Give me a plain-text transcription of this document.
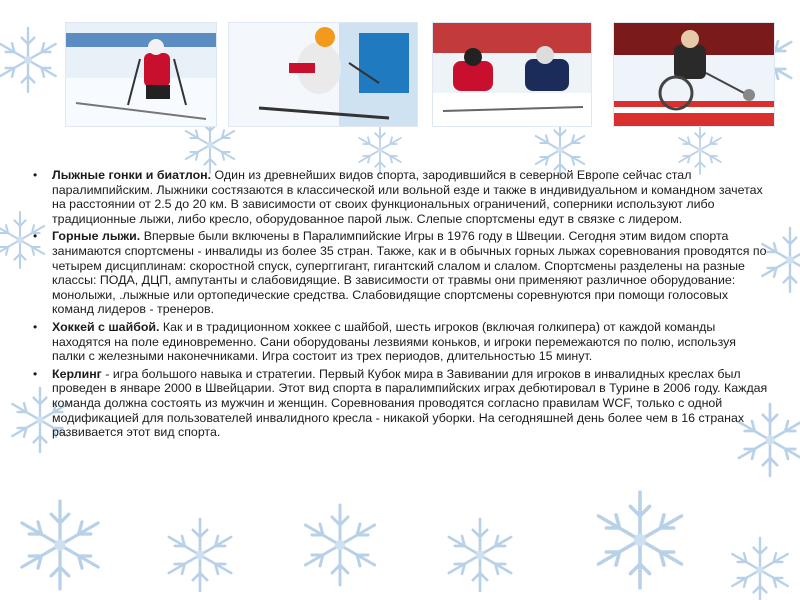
• Лыжные гонки и биатлон. Один из древнейших видов спорта, зародившийся в северной Европе сейчас стал паралимпийским. Лыжники состязаются в классической или вольной езде и также в индивидуальном и командном зачетах на расстоянии от 2.5 до 20 км. В зависимости от своих функциональных ограничений, соперники используют либо традиционные лыжи, либо кресло, оборудованное парой лыж. Слепые спортсмены едут в связке с лидером.
• Горные лыжи. Впервые были включены в Паралимпийские Игры в 1976 году в Швеции. Сегодня этим видом спорта занимаются спортсмены - инвалиды из более 35 стран. Также, как и в обычных горных лыжах соревнования проводятся по четырем дисциплинам: скоростной спуск, суперггигант, гигантский слалом и слалом. Спортсмены разделены на разные классы: ПОДА, ДЦП, ампутанты и слабовидящие. В зависимости от травмы они применяют различное оборудование: монолыжи, .лыжные или ортопедические средства. Слабовидящие спортсмены соревнуются при помощи голосовых команд лидеров - тренеров.
• Хоккей с шайбой. Как и в традиционном хоккее с шайбой, шесть игроков (включая голкипера) от каждой команды находятся на поле единовременно. Сани оборудованы лезвиями коньков, и игроки перемежаются по полю, используя палки с железными наконечниками. Игра состоит из трех периодов, длительностью 15 минут.
• Керлинг - игра большого навыка и стратегии. Первый Кубок мира в Завивании для игроков в инвалидных креслах был проведен в январе 2000 в Швейцарии. Этот вид спорта в паралимпийских играх дебютировал в Турине в 2006 году. Каждая команда должна состоять из мужчин и женщин. Соревнования проводятся согласно правилам WCF, только с одной модификацией для пользователей инвалидного кресла - никакой уборки. На сегодняшней день более чем в 16 странах развивается этот вид спорта.
